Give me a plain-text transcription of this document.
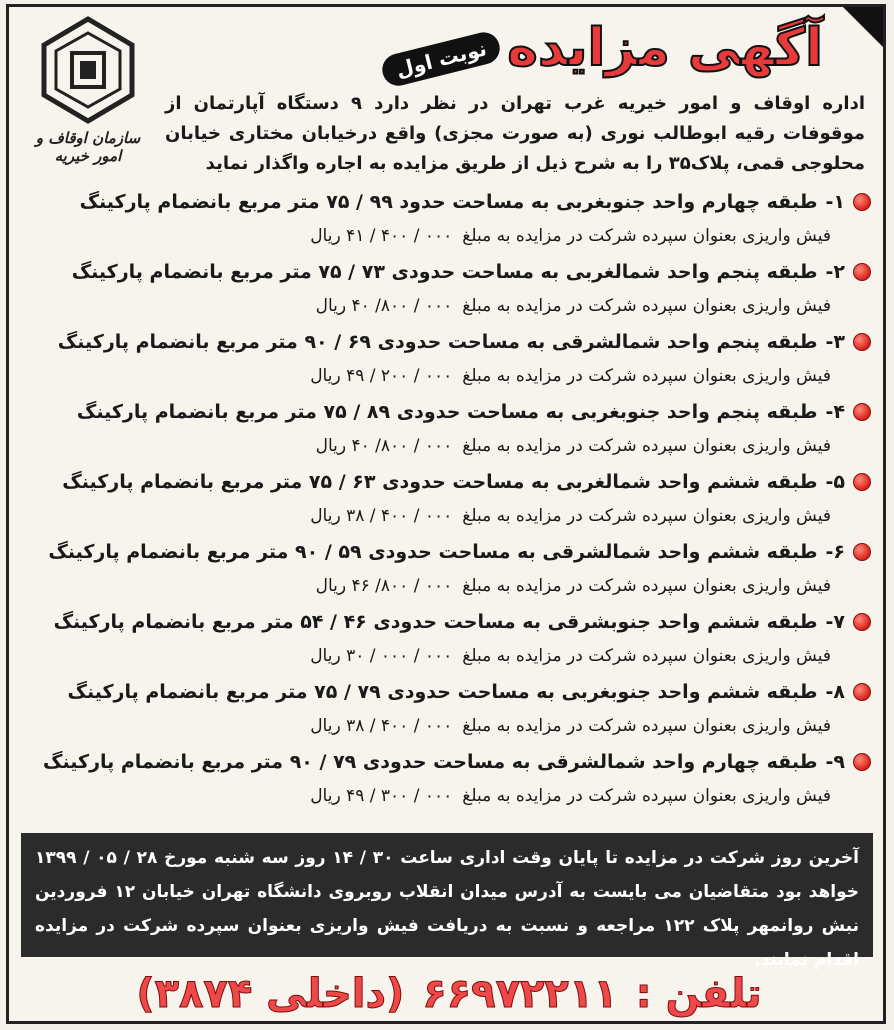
سازمان اوقاف و امور خیریه
آگهی مزایده
نوبت اول
اداره اوقاف و امور خیریه غرب تهران در نظر دارد ۹ دستگاه آپارتمان از موقوفات رقیه ابوطالب نوری (به صورت مجزی) واقع درخیابان مختاری خیابان محلوجی قمی، پلاک۳۵ را به شرح ذیل از طریق مزایده به اجاره واگذار نماید
۱-
طبقه چهارم واحد جنوبغربی به مساحت حدود ۹۹ / ۷۵ متر مربع بانضمام پارکینگ
فیش واریزی بعنوان سپرده شرکت در مزایده به مبلغ۰۰۰ / ۴۰۰ / ۴۱ ریال
۲-
طبقه پنجم واحد شمالغربی به مساحت حدودی ۷۳ / ۷۵ متر مربع بانضمام پارکینگ
فیش واریزی بعنوان سپرده شرکت در مزایده به مبلغ۰۰۰ / ۸۰۰/ ۴۰ ریال
۳-
طبقه پنجم واحد شمالشرقی به مساحت حدودی ۶۹ / ۹۰ متر مربع بانضمام پارکینگ
فیش واریزی بعنوان سپرده شرکت در مزایده به مبلغ۰۰۰ / ۲۰۰ / ۴۹ ریال
۴-
طبقه پنجم واحد جنوبغربی به مساحت حدودی ۸۹ / ۷۵ متر مربع بانضمام پارکینگ
فیش واریزی بعنوان سپرده شرکت در مزایده به مبلغ۰۰۰ / ۸۰۰/ ۴۰ ریال
۵-
طبقه ششم واحد شمالغربی به مساحت حدودی ۶۳ / ۷۵ متر مربع بانضمام پارکینگ
فیش واریزی بعنوان سپرده شرکت در مزایده به مبلغ۰۰۰ / ۴۰۰ / ۳۸ ریال
۶-
طبقه ششم واحد شمالشرقی به مساحت حدودی ۵۹ / ۹۰ متر مربع بانضمام پارکینگ
فیش واریزی بعنوان سپرده شرکت در مزایده به مبلغ۰۰۰ / ۸۰۰/ ۴۶ ریال
۷-
طبقه ششم واحد جنوبشرقی به مساحت حدودی ۴۶ / ۵۴ متر مربع بانضمام پارکینگ
فیش واریزی بعنوان سپرده شرکت در مزایده به مبلغ۰۰۰ / ۰۰۰ / ۳۰ ریال
۸-
طبقه ششم واحد جنوبغربی به مساحت حدودی ۷۹ / ۷۵ متر مربع بانضمام پارکینگ
فیش واریزی بعنوان سپرده شرکت در مزایده به مبلغ۰۰۰ / ۴۰۰ / ۳۸ ریال
۹-
طبقه چهارم واحد شمالشرقی به مساحت حدودی ۷۹ / ۹۰ متر مربع بانضمام پارکینگ
فیش واریزی بعنوان سپرده شرکت در مزایده به مبلغ۰۰۰ / ۳۰۰ / ۴۹ ریال
آخرین روز شرکت در مزایده تا پایان وقت اداری ساعت ۳۰ / ۱۴ روز سه شنبه مورخ ۲۸ / ۰۵ / ۱۳۹۹ خواهد بود متقاضیان می بایست به آدرس میدان انقلاب روبروی دانشگاه تهران خیابان ۱۲ فروردین نبش روانمهر پلاک ۱۲۲ مراجعه و نسبت به دریافت فیش واریزی بعنوان سپرده شرکت در مزایده اقدام نمایند.
تلفن :
۶۶۹۷۲۲۱۱
(داخلی ۳۸۷۴)
